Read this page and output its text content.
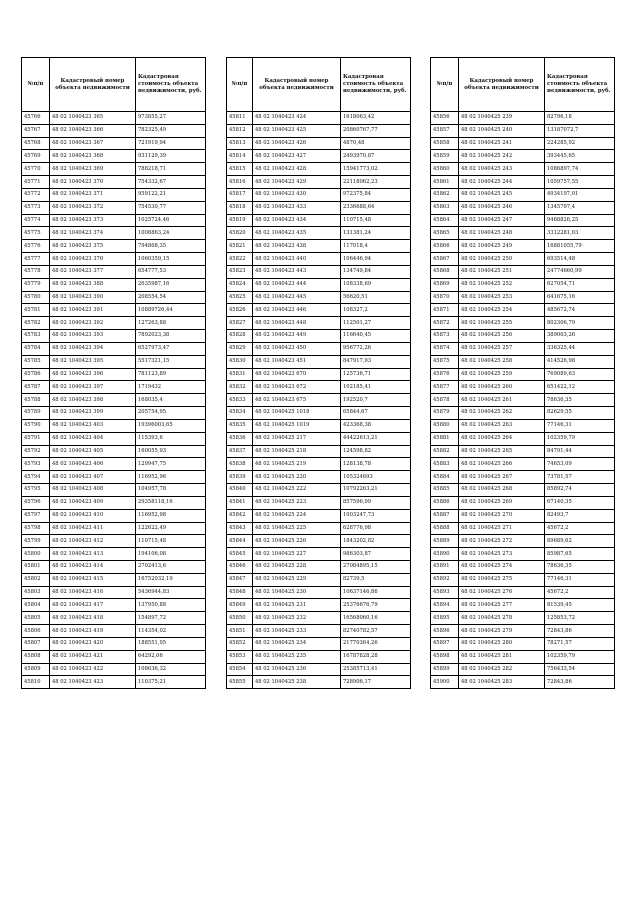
№п/п	Кадастровый номер объекта недвижимости	Кадастровая стоимость объекта недвижимости, руб.
45766	48 02 1040423 365	973855,27
45767	48 02 1040423 366	782325,49
45768	48 02 1040423 367	721919,94
45769	48 02 1040423 368	931129,39
45770	48 02 1040423 369	788218,71
45771	48 02 1040423 370	754332,67
45772	48 02 1040423 371	959122,21
45773	48 02 1040423 372	754530,77
45774	48 02 1040423 373	1025724,46
45775	48 02 1040423 374	1008863,24
45776	48 02 1040423 375	794868,35
45777	48 02 1040423 376	1060359,15
45778	48 02 1040423 377	654777,53
45779	48 02 1040423 388	2635987,16
45780	48 02 1040423 390	208554,54
45781	48 02 1040423 391	10889726,44
45782	48 02 1040423 392	127263,88
45783	48 02 1040423 393	7892023,38
45784	48 02 1040423 394	6527973,47
45785	48 02 1040423 395	5517321,15
45786	48 02 1040423 396	781123,89
45787	48 02 1040423 397	1719432
45788	48 02 1040423 398	168035,4
45789	48 02 1040423 399	205754,95
45790	48 02 1040423 403	19396003,65
45791	48 02 1040423 404	115393,6
45792	48 02 1040423 405	160055,93
45793	48 02 1040423 406	129947,75
45794	48 02 1040423 407	116952,96
45795	48 02 1040423 408	104957,78
45796	48 02 1040423 409	29358118,16
45797	48 02 1040423 410	116952,98
45798	48 02 1040423 411	122622,49
45799	48 02 1040423 412	110715,48
45800	48 02 1040423 413	194106,08
45801	48 02 1040423 414	2702413,6
45802	48 02 1040423 415	16752032,19
45803	48 02 1040423 416	5436944,83
45804	48 02 1040423 417	137950,88
45805	48 02 1040423 418	154897,72
45806	48 02 1040423 419	114354,02
45807	48 02 1040423 420	188551,95
45808	48 02 1040423 421	64292,06
45809	48 02 1040423 422	108636,32
45810	48 02 1040423 423	110375,21
№п/п	Кадастровый номер объекта недвижимости	Кадастровая стоимость объекта недвижимости, руб.
45811	48 02 1040423 424	1618063,42
45812	48 02 1040423 425	20860767,77
45813	48 02 1040423 426	4870,48
45814	48 02 1040423 427	2493970,87
45815	48 02 1040423 428	15941773,02
45816	48 02 1040423 429	22118062,23
45817	48 02 1040423 430	972375,84
45818	48 02 1040423 433	2336688,64
45819	48 02 1040423 434	110715,48
45820	48 02 1040423 435	131381,24
45821	48 02 1040423 438	117018,4
45822	48 02 1040423 440	106446,94
45823	48 02 1040423 443	134749,84
45824	48 02 1040423 444	108338,69
45825	48 02 1040423 445	56620,51
45826	48 02 1040423 446	108327,2
45827	48 02 1040423 448	112501,27
45828	48 02 1040423 449	116640,45
45829	48 02 1040423 450	956772,26
45830	48 02 1040423 451	847917,93
45831	48 02 1040423 670	125736,71
45832	48 02 1040423 672	102185,41
45833	48 02 1040423 675	192520,7
45834	48 02 1040425 1018	65844,67
45835	48 02 1040425 1019	423368,38
45836	48 02 1040425 217	44422613,21
45837	48 02 1040425 218	124598,82
45838	48 02 1040425 219	128138,78
45839	48 02 1040425 220	105324693
45840	48 02 1040425 222	10792263,21
45841	48 02 1040425 223	857596,99
45842	48 02 1040425 224	1003247,73
45843	48 02 1040425 225	628776,98
45844	48 02 1040425 226	1843202,82
45845	48 02 1040425 227	986303,87
45846	48 02 1040425 228	27084895,15
45847	48 02 1040425 229	82739,5
45848	48 02 1040425 230	10637146,86
45849	48 02 1040425 231	25376676,79
45850	48 02 1040425 232	16568060,16
45851	48 02 1040425 233	82740782,57
45852	48 02 1040425 234	21770364,26
45853	48 02 1040425 235	16787828,28
45854	48 02 1040425 236	25385713,41
45855	48 02 1040425 238	728906,17
№п/п	Кадастровый номер объекта недвижимости	Кадастровая стоимость объекта недвижимости, руб.
45856	48 02 1040425 239	82796,18
45857	48 02 1040425 240	13187072,7
45858	48 02 1040425 241	224285,92
45859	48 02 1040425 242	393445,65
45860	48 02 1040425 243	1086897,74
45861	48 02 1040425 244	1059757,55
45862	48 02 1040425 245	4934197,01
45863	48 02 1040425 246	1345797,4
45864	48 02 1040425 247	9468826,25
45865	48 02 1040425 248	3312281,03
45866	48 02 1040425 249	16881055,79
45867	48 02 1040425 250	693514,48
45868	48 02 1040425 251	24774660,99
45869	48 02 1040425 252	627054,71
45870	48 02 1040425 253	641675,16
45871	48 02 1040425 254	485672,74
45872	48 02 1040425 255	802306,79
45873	48 02 1040425 256	389003,26
45874	48 02 1040425 257	336325,44
45875	48 02 1040425 258	414526,98
45876	48 02 1040425 259	769089,63
45877	48 02 1040425 260	651422,12
45878	48 02 1040425 261	78636,35
45879	48 02 1040425 262	82629,55
45880	48 02 1040425 263	77146,31
45881	48 02 1040425 264	102359,79
45882	48 02 1040425 265	84791,44
45883	48 02 1040425 266	74653,09
45884	48 02 1040425 267	73781,57
45885	48 02 1040425 268	85892,74
45886	48 02 1040425 269	67140,35
45887	48 02 1040425 270	82493,7
45888	48 02 1040425 271	45672,2
45889	48 02 1040425 272	89689,62
45890	48 02 1040425 273	85987,65
45891	48 02 1040425 274	78636,35
45892	48 02 1040425 275	77146,31
45893	48 02 1040425 276	45672,2
45894	48 02 1040425 277	81539,45
45895	48 02 1040425 278	125853,72
45896	48 02 1040425 279	72843,86
45897	48 02 1040425 280	78271,57
45898	48 02 1040425 281	102359,79
45899	48 02 1040425 282	756433,54
45900	48 02 1040425 283	72843,86
